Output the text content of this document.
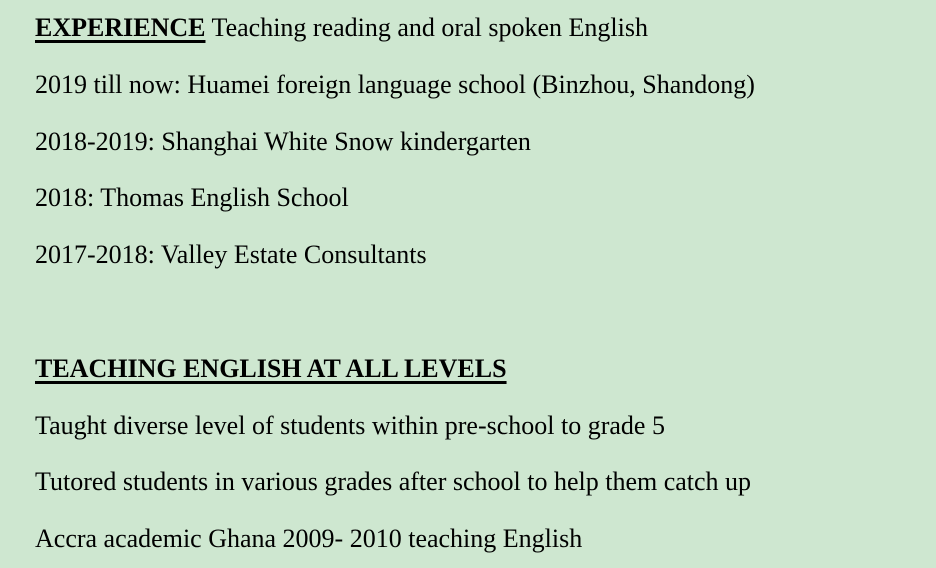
EXPERIENCE Teaching reading and oral spoken English
2019 till now: Huamei foreign language school (Binzhou, Shandong)
2018-2019: Shanghai White Snow kindergarten
2018: Thomas English School
2017-2018: Valley Estate Consultants
TEACHING ENGLISH AT ALL LEVELS
Taught diverse level of students within pre-school to grade 5
Tutored students in various grades after school to help them catch up
Accra academic Ghana 2009- 2010 teaching English
